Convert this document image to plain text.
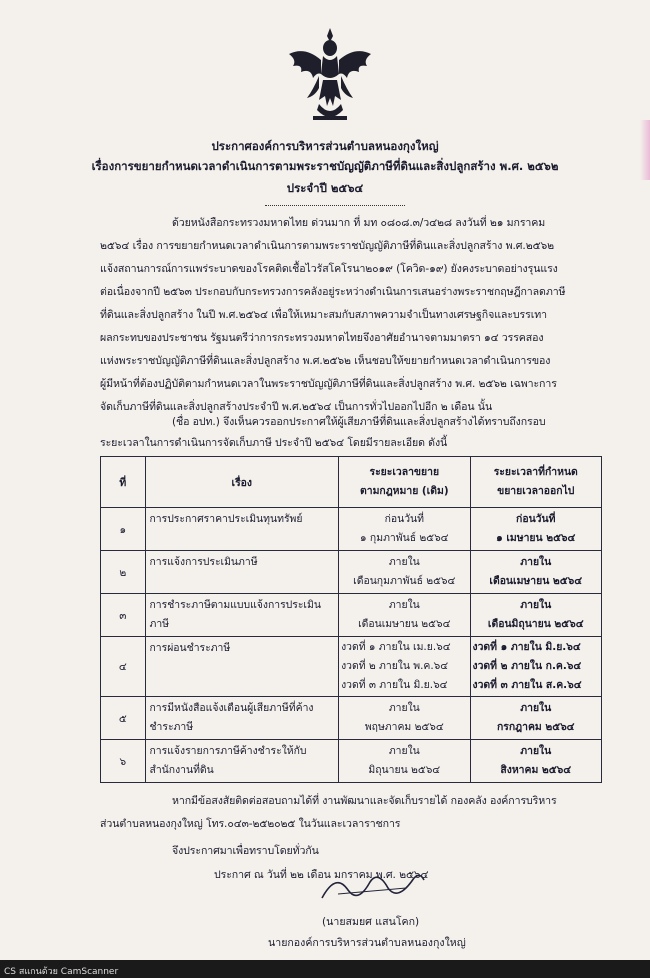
ประกาศองค์การบริหารส่วนตำบลหนองกุงใหญ่
เรื่องการขยายกำหนดเวลาดำเนินการตามพระราชบัญญัติภาษีที่ดินและสิ่งปลูกสร้าง พ.ศ. ๒๕๖๒
ประจำปี ๒๕๖๔
ด้วยหนังสือกระทรวงมหาดไทย ด่วนมาก ที่ มท ๐๘๐๘.๓/ว๔๒๘ ลงวันที่ ๒๑ มกราคม
๒๕๖๔ เรื่อง การขยายกำหนดเวลาดำเนินการตามพระราชบัญญัติภาษีที่ดินและสิ่งปลูกสร้าง พ.ศ.๒๕๖๒
แจ้งสถานการณ์การแพร่ระบาดของโรคติดเชื้อไวรัสโคโรนา๒๐๑๙ (โควิด-๑๙) ยังคงระบาดอย่างรุนแรง
ต่อเนื่องจากปี ๒๕๖๓ ประกอบกับกระทรวงการคลังอยู่ระหว่างดำเนินการเสนอร่างพระราชกฤษฎีกาลดภาษี
ที่ดินและสิ่งปลูกสร้าง ในปี พ.ศ.๒๕๖๔ เพื่อให้เหมาะสมกับสภาพความจำเป็นทางเศรษฐกิจและบรรเทา
ผลกระทบของประชาชน รัฐมนตรีว่าการกระทรวงมหาดไทยจึงอาศัยอำนาจตามมาตรา ๑๔ วรรคสอง
แห่งพระราชบัญญัติภาษีที่ดินและสิ่งปลูกสร้าง พ.ศ.๒๕๖๒ เห็นชอบให้ขยายกำหนดเวลาดำเนินการของ
ผู้มีหน้าที่ต้องปฏิบัติตามกำหนดเวลาในพระราชบัญญัติภาษีที่ดินและสิ่งปลูกสร้าง พ.ศ. ๒๕๖๒ เฉพาะการ
จัดเก็บภาษีที่ดินและสิ่งปลูกสร้างประจำปี พ.ศ.๒๕๖๔ เป็นการทั่วไปออกไปอีก ๒ เดือน นั้น
(ชื่อ อปท.) จึงเห็นควรออกประกาศให้ผู้เสียภาษีที่ดินและสิ่งปลูกสร้างได้ทราบถึงกรอบ
ระยะเวลาในการดำเนินการจัดเก็บภาษี ประจำปี ๒๕๖๔ โดยมีรายละเอียด ดังนี้
ที่	เรื่อง	ระยะเวลาขยาย
ตามกฎหมาย (เดิม)	ระยะเวลาที่กำหนด
ขยายเวลาออกไป

๑	การประกาศราคาประเมินทุนทรัพย์	ก่อนวันที่
๑ กุมภาพันธ์ ๒๕๖๔	ก่อนวันที่
๑ เมษายน ๒๕๖๔

๒	การแจ้งการประเมินภาษี	ภายใน
เดือนกุมภาพันธ์ ๒๕๖๔	ภายใน
เดือนเมษายน ๒๕๖๔

๓	การชำระภาษีตามแบบแจ้งการประเมิน
ภาษี	ภายใน
เดือนเมษายน ๒๕๖๔	ภายใน
เดือนมิถุนายน ๒๕๖๔

๔	การผ่อนชำระภาษี	งวดที่ ๑ ภายใน เม.ย.๖๔
งวดที่ ๒ ภายใน พ.ค.๖๔
งวดที่ ๓ ภายใน มิ.ย.๖๔	งวดที่ ๑ ภายใน มิ.ย.๖๔
งวดที่ ๒ ภายใน ก.ค.๖๔
งวดที่ ๓ ภายใน ส.ค.๖๔

๕	การมีหนังสือแจ้งเตือนผู้เสียภาษีที่ค้าง
ชำระภาษี	ภายใน
พฤษภาคม ๒๕๖๔	ภายใน
กรกฎาคม ๒๕๖๔

๖	การแจ้งรายการภาษีค้างชำระให้กับ
สำนักงานที่ดิน	ภายใน
มิถุนายน ๒๕๖๔	ภายใน
สิงหาคม ๒๕๖๔
หากมีข้อสงสัยติดต่อสอบถามได้ที่ งานพัฒนาและจัดเก็บรายได้ กองคลัง องค์การบริหาร
ส่วนตำบลหนองกุงใหญ่ โทร.๐๔๓-๒๕๒๐๒๕ ในวันและเวลาราชการ
จึงประกาศมาเพื่อทราบโดยทั่วกัน
ประกาศ ณ วันที่ ๒๒ เดือน มกราคม พ.ศ. ๒๕๖๔
(นายสมยศ แสนโคก)
นายกองค์การบริหารส่วนตำบลหนองกุงใหญ่
CS สแกนด้วย CamScanner
